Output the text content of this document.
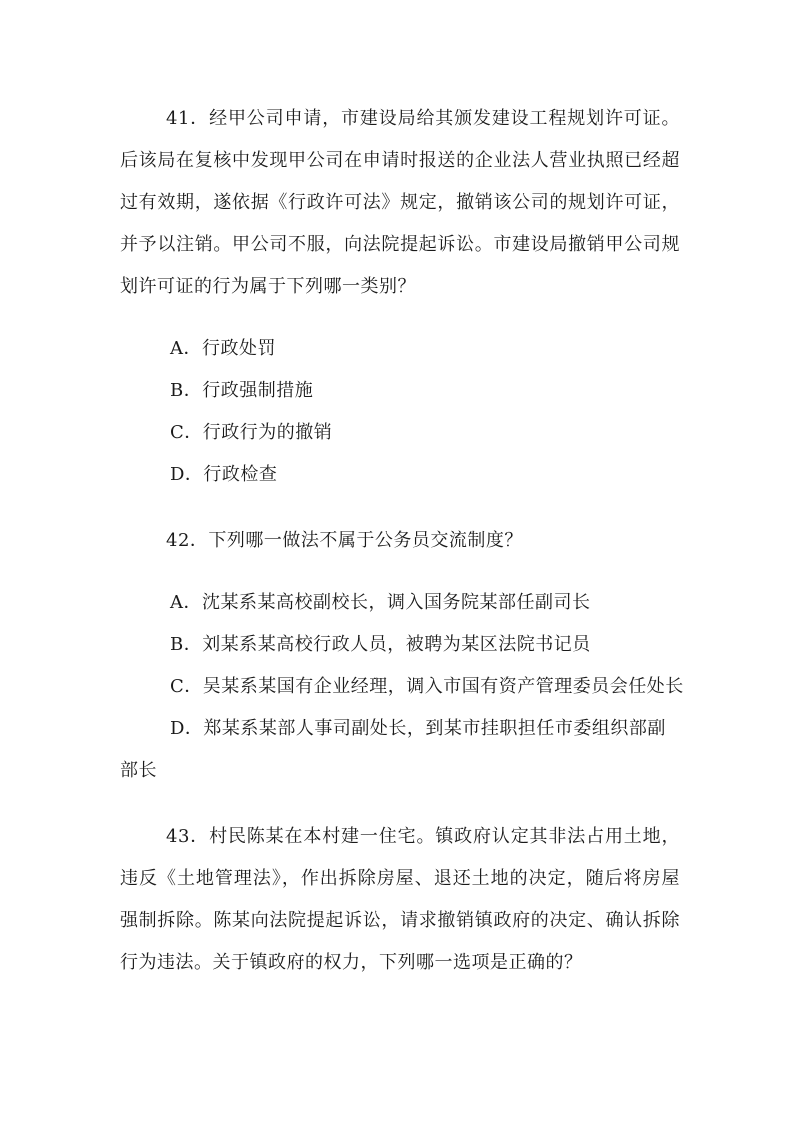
41．经甲公司申请，市建设局给其颁发建设工程规划许可证。后该局在复核中发现甲公司在申请时报送的企业法人营业执照已经超过有效期，遂依据《行政许可法》规定，撤销该公司的规划许可证，并予以注销。甲公司不服，向法院提起诉讼。市建设局撤销甲公司规划许可证的行为属于下列哪一类别？

A．行政处罚
B．行政强制措施
C．行政行为的撤销
D．行政检查

42．下列哪一做法不属于公务员交流制度？

A．沈某系某高校副校长，调入国务院某部任副司长
B．刘某系某高校行政人员，被聘为某区法院书记员
C．吴某系某国有企业经理，调入市国有资产管理委员会任处长
D．郑某系某部人事司副处长，到某市挂职担任市委组织部副部长

43．村民陈某在本村建一住宅。镇政府认定其非法占用土地，违反《土地管理法》，作出拆除房屋、退还土地的决定，随后将房屋强制拆除。陈某向法院提起诉讼，请求撤销镇政府的决定、确认拆除行为违法。关于镇政府的权力，下列哪一选项是正确的？
